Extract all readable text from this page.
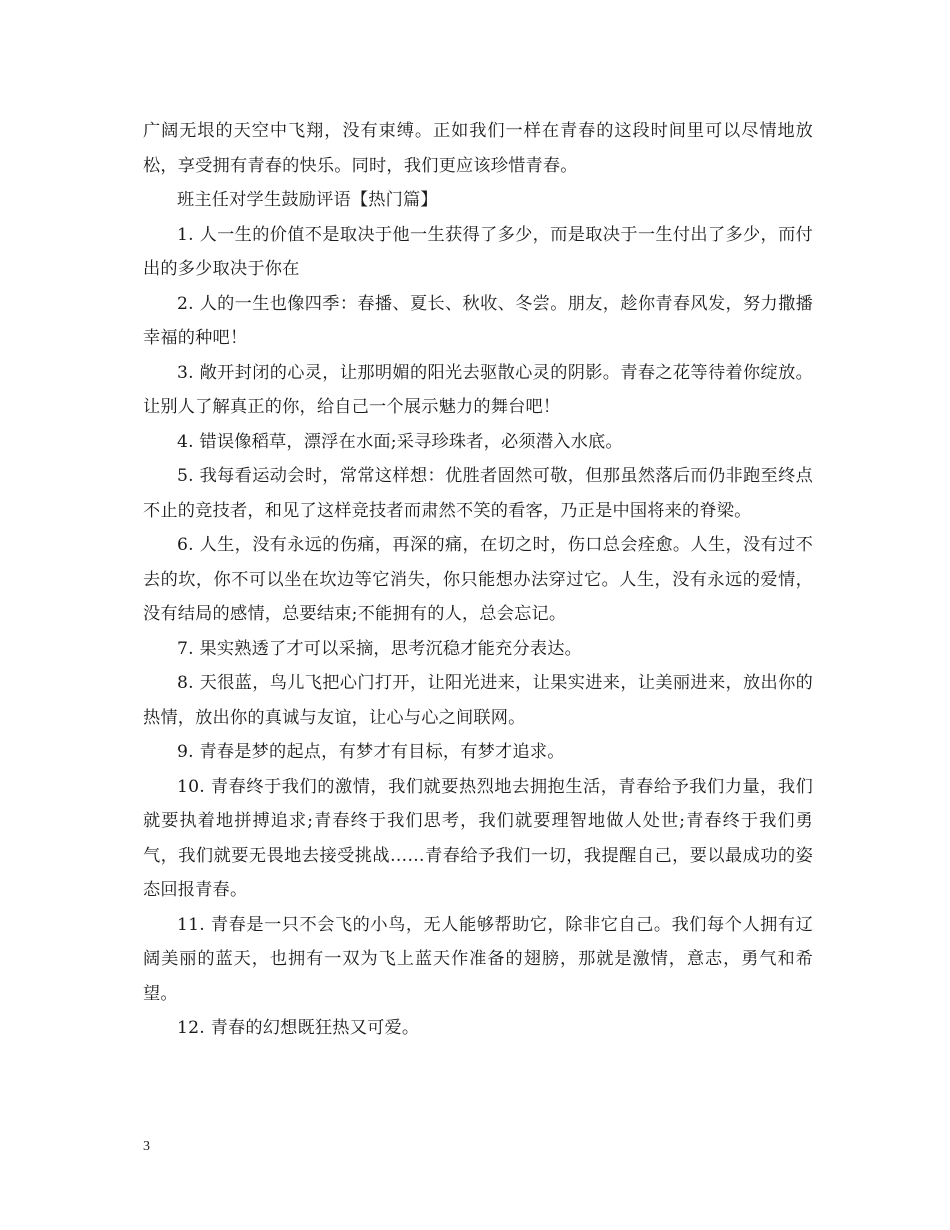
广阔无垠的天空中飞翔，没有束缚。正如我们一样在青春的这段时间里可以尽情地放松，享受拥有青春的快乐。同时，我们更应该珍惜青春。

班主任对学生鼓励评语【热门篇】

1. 人一生的价值不是取决于他一生获得了多少，而是取决于一生付出了多少，而付出的多少取决于你在

2. 人的一生也像四季：春播、夏长、秋收、冬尝。朋友，趁你青春风发，努力撒播幸福的种吧！

3. 敞开封闭的心灵，让那明媚的阳光去驱散心灵的阴影。青春之花等待着你绽放。让别人了解真正的你，给自己一个展示魅力的舞台吧！

4. 错误像稻草，漂浮在水面;采寻珍珠者，必须潜入水底。

5. 我每看运动会时，常常这样想：优胜者固然可敬，但那虽然落后而仍非跑至终点不止的竞技者，和见了这样竞技者而肃然不笑的看客，乃正是中国将来的脊梁。

6. 人生，没有永远的伤痛，再深的痛，在切之时，伤口总会痊愈。人生，没有过不去的坎，你不可以坐在坎边等它消失，你只能想办法穿过它。人生，没有永远的爱情，没有结局的感情，总要结束;不能拥有的人，总会忘记。

7. 果实熟透了才可以采摘，思考沉稳才能充分表达。

8. 天很蓝，鸟儿飞把心门打开，让阳光进来，让果实进来，让美丽进来，放出你的热情，放出你的真诚与友谊，让心与心之间联网。

9. 青春是梦的起点，有梦才有目标，有梦才追求。

10. 青春终于我们的激情，我们就要热烈地去拥抱生活，青春给予我们力量，我们就要执着地拼搏追求;青春终于我们思考，我们就要理智地做人处世;青春终于我们勇气，我们就要无畏地去接受挑战……青春给予我们一切，我提醒自己，要以最成功的姿态回报青春。

11. 青春是一只不会飞的小鸟，无人能够帮助它，除非它自己。我们每个人拥有辽阔美丽的蓝天，也拥有一双为飞上蓝天作准备的翅膀，那就是激情，意志，勇气和希望。

12. 青春的幻想既狂热又可爱。

3
